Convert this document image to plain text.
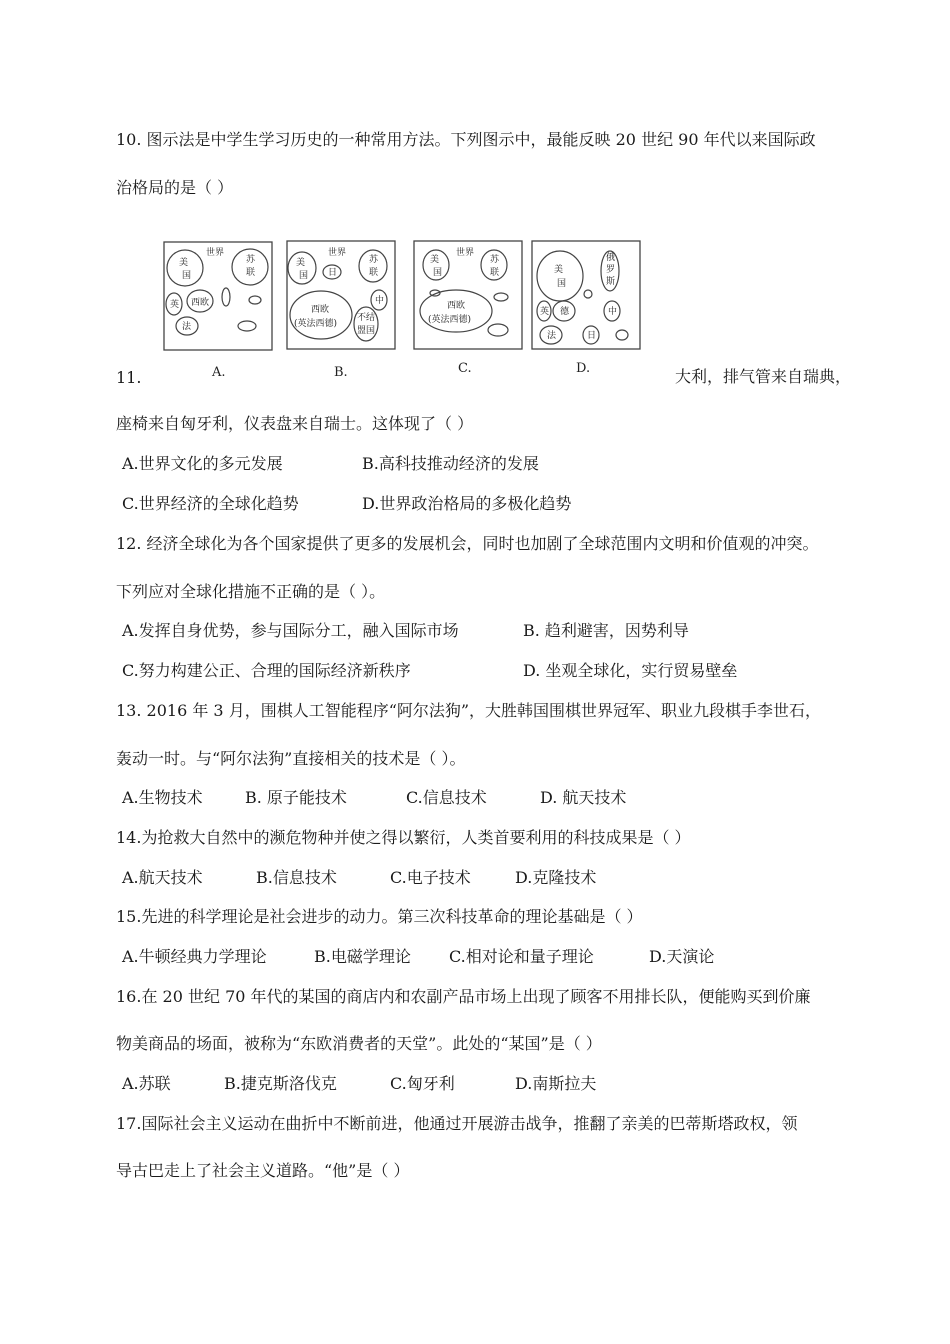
10. 图示法是中学生学习历史的一种常用方法。下列图示中，最能反映 20 世纪 90 年代以来国际政
治格局的是（ ）
世界
美
国
苏
联
西欧
英
法
A.
世界
美
国 日
苏
联
西欧
(英法西德)
中
不结
盟国
B.
世界
美
国
苏
联
西欧
(英法西德)
C.
美
国
俄
罗
斯
英 德	中
法	日
D.
11.	大利，排气管来自瑞典，
座椅来自匈牙利，仪表盘来自瑞士。这体现了（ ）
A.世界文化的多元发展	B.高科技推动经济的发展
C.世界经济的全球化趋势	D.世界政治格局的多极化趋势
12. 经济全球化为各个国家提供了更多的发展机会，同时也加剧了全球范围内文明和价值观的冲突。
下列应对全球化措施不正确的是（ ）。
A.发挥自身优势，参与国际分工，融入国际市场	B. 趋利避害，因势利导
C.努力构建公正、合理的国际经济新秩序	D. 坐观全球化，实行贸易壁垒
13. 2016 年 3 月，围棋人工智能程序“阿尔法狗”，大胜韩国围棋世界冠军、职业九段棋手李世石，
轰动一时。与“阿尔法狗”直接相关的技术是（ ）。
A.生物技术	B. 原子能技术	C.信息技术	D. 航天技术
14.为抢救大自然中的濒危物种并使之得以繁衍，人类首要利用的科技成果是（ ）
A.航天技术	B.信息技术	C.电子技术	D.克隆技术
15.先进的科学理论是社会进步的动力。第三次科技革命的理论基础是（ ）
A.牛顿经典力学理论	B.电磁学理论 C.相对论和量子理论	D.天演论
16.在 20 世纪 70 年代的某国的商店内和农副产品市场上出现了顾客不用排长队，便能购买到价廉
物美商品的场面，被称为“东欧消费者的天堂”。此处的“某国”是（ ）
A.苏联	B.捷克斯洛伐克	C.匈牙利	D.南斯拉夫
17.国际社会主义运动在曲折中不断前进，他通过开展游击战争，推翻了亲美的巴蒂斯塔政权，领
导古巴走上了社会主义道路。“他”是（ ）
